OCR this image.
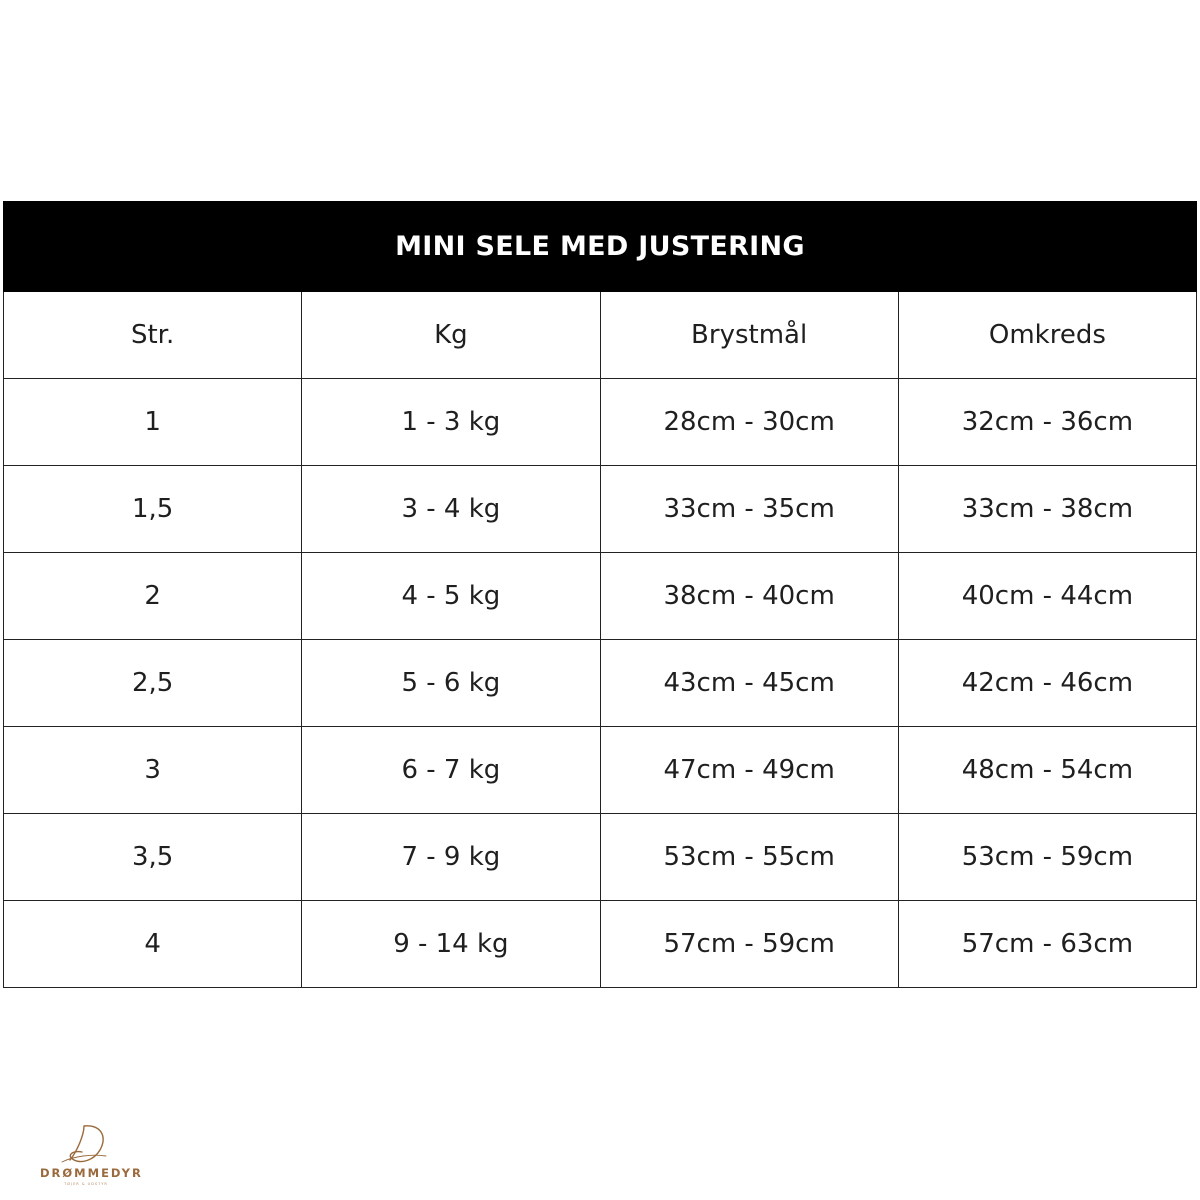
MINI SELE MED JUSTERING			
Str.	Kg	Brystmål	Omkreds
1	1 - 3 kg	28cm - 30cm	32cm - 36cm
1,5	3 - 4 kg	33cm - 35cm	33cm - 38cm
2	4 - 5 kg	38cm - 40cm	40cm - 44cm
2,5	5 - 6 kg	43cm - 45cm	42cm - 46cm
3	6 - 7 kg	47cm - 49cm	48cm - 54cm
3,5	7 - 9 kg	53cm - 55cm	53cm - 59cm
4	9 - 14 kg	57cm - 59cm	57cm - 63cm
DRØMMEDYR
TØJER & UDSTYR
